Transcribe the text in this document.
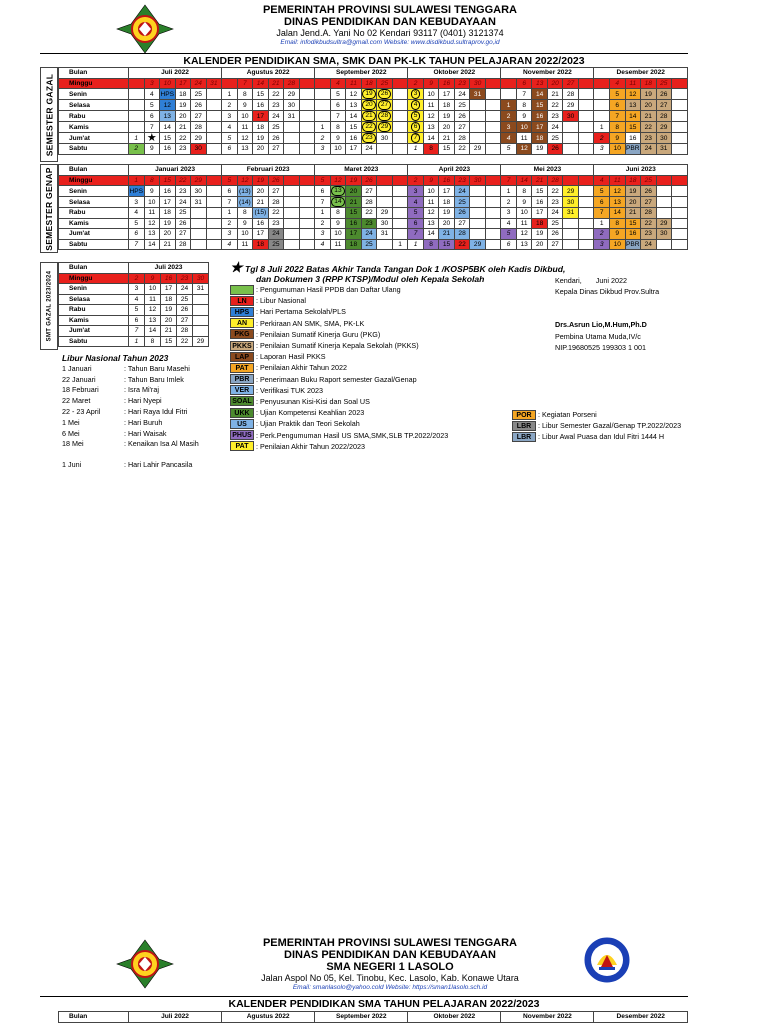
PEMERINTAH PROVINSI SULAWESI TENGGARA
DINAS PENDIDIKAN DAN KEBUDAYAAN
Jalan Jend.A. Yani No 02 Kendari 93117 (0401) 3121374
Email: infodikbudsultra@gmail.com Website: www.disdikbud.sultraprov.go,id
KALENDER PENDIDIKAN SMA, SMK DAN PK-LK TAHUN PELAJARAN 2022/2023
SEMESTER GAZAL
Bulan	Juli 2022						Agustus 2022						September 2022						Oktober 2022						November 2022						Desember 2022					
Minggu		3	10	17	24	31		7	14	21	28			4	11	18	25		2	9	16	23	30			6	13	20	27			4	11	18	25	
Senin		4	HPS	18	25		1	8	15	22	29			5	12	19	26		3	10	17	24	31			7	14	21	28			5	12	19	26	
Selasa		5	12	19	26		2	9	16	23	30			6	13	20	27		4	11	18	25			1	8	15	22	29			6	13	20	27	
Rabu		6	13	20	27		3	10	17	24	31			7	14	21	28		5	12	19	26			2	9	16	23	30			7	14	21	28	
Kamis		7	14	21	28		4	11	18	25			1	8	15	22	29		6	13	20	27			3	10	17	24			1	8	15	22	29	
Jum'at	1	★	15	22	29		5	12	19	26			2	9	16	23	30		7	14	21	28			4	11	18	25			2	9	16	23	30	
Sabtu	2	9	16	23	30		6	13	20	27			3	10	17	24			1	8	15	22	29		5	12	19	26			3	10	PBR	24	31	
SEMESTER GENAP Bulan	Januari 2023						Februari 2023						Maret 2023						April 2023						Mei 2023						Juni 2023					
Minggu	1	8	15	22	29		5	12	19	26			5	12	19	26			2	9	16	23	30		7	14	21	28			4	11	18	25		
Senin	HPS	9	16	23	30		6	(13)	20	27			6	13	20	27			3	10	17	24			1	8	15	22	29		5	12	19	26		
Selasa	3	10	17	24	31		7	(14)	21	28			7	14	21	28			4	11	18	25			2	9	16	23	30		6	13	20	27		
Rabu	4	11	18	25			1	8	(15)	22			1	8	15	22	29		5	12	19	26			3	10	17	24	31		7	14	21	28		
Kamis	5	12	19	26			2	9	16	23			2	9	16	23	30		6	13	20	27			4	11	18	25			1	8	15	22	29	
Jum'at	6	13	20	27			3	10	17	24			3	10	17	24	31		7	14	21	28			5	12	19	26			2	9	16	23	30	
Sabtu	7	14	21	28			4	11	18	25			4	11	18	25		1	1	8	15	22	29		6	13	20	27			3	10	PBR	24		
SMT GAZAL 2023/2024
Bulan	Juli 2023				
Minggu	2	9	16	23	30
Senin	3	10	17	24	31
Selasa	4	11	18	25	
Rabu	5	12	19	26	
Kamis	6	13	20	27	
Jum'at	7	14	21	28	
Sabtu	1	8	15	22	29
★ Tgl 8 Juli 2022 Batas Akhir Tanda Tangan Dok 1 /KOSP5BK oleh Kadis Dikbud,
dan Dokumen 3 (RPP KTSP)/Modul oleh Kepala Sekolah
: Pengumuman Hasil PPDB dan Daftar Ulang
LN	: Libur Nasional
HPS : Hari Pertama Sekolah/PLS
AN	: Perkiraan AN SMK, SMA, PK-LK
PKG : Penilaian Sumatif Kinerja Guru (PKG)
PKKS : Penilaian Sumatif Kinerja Kepala Sekolah (PKKS)
LAP : Laporan Hasil PKKS
PAT	: Penilaian Akhir Tahun 2022
PBR : Penerimaan Buku Raport semester Gazal/Genap
VER : Verifikasi TUK 2023
SOAL : Penyusunan Kisi-Kisi dan Soal US
UKK : Ujian Kompetensi Keahlian 2023
US	: Ujian Praktik dan Teori Sekolah
PHUS : Perk.Pengumuman Hasil US SMA,SMK,SLB TP.2022/2023
PAT	: Penilaian Akhir Tahun 2022/2023
POR : Kegiatan Porseni
LBR : Libur Semester Gazal/Genap TP.2022/2023
LBR : Libur Awal Puasa dan Idul Fitri 1444 H
Kendari, Juni 2022
Kepala Dinas Dikbud Prov.Sultra
Drs.Asrun Lio,M.Hum,Ph.D
Pembina Utama Muda,IV/c
NIP.19680525 199303 1 001
Libur Nasional Tahun 2023
1 Januari	: Tahun Baru Masehi
22 Januari	: Tahun Baru Imlek
18 Februari	: Isra Mi'raj
22 Maret	: Hari Nyepi
22 - 23 April	: Hari Raya Idul Fitri
1 Mei	: Hari Buruh
6 Mei	: Hari Waisak
18 Mei	: Kenaikan Isa Al Masih
1 Juni	: Hari Lahir Pancasila
PEMERINTAH PROVINSI SULAWESI TENGGARA
DINAS PENDIDIKAN DAN KEBUDAYAAN
SMA NEGERI 1 LASOLO
Jalan Aspol No 05, Kel. Tinobu, Kec. Lasolo, Kab. Konawe Utara
Email: smanlasolo@yahoo.cold Website: https://sman1lasolo.sch.id
KALENDER PENDIDIKAN SMA TAHUN PELAJARAN 2022/2023
Bulan	Juli 2022	Agustus 2022	September 2022	Oktober 2022	November 2022	Desember 2022
